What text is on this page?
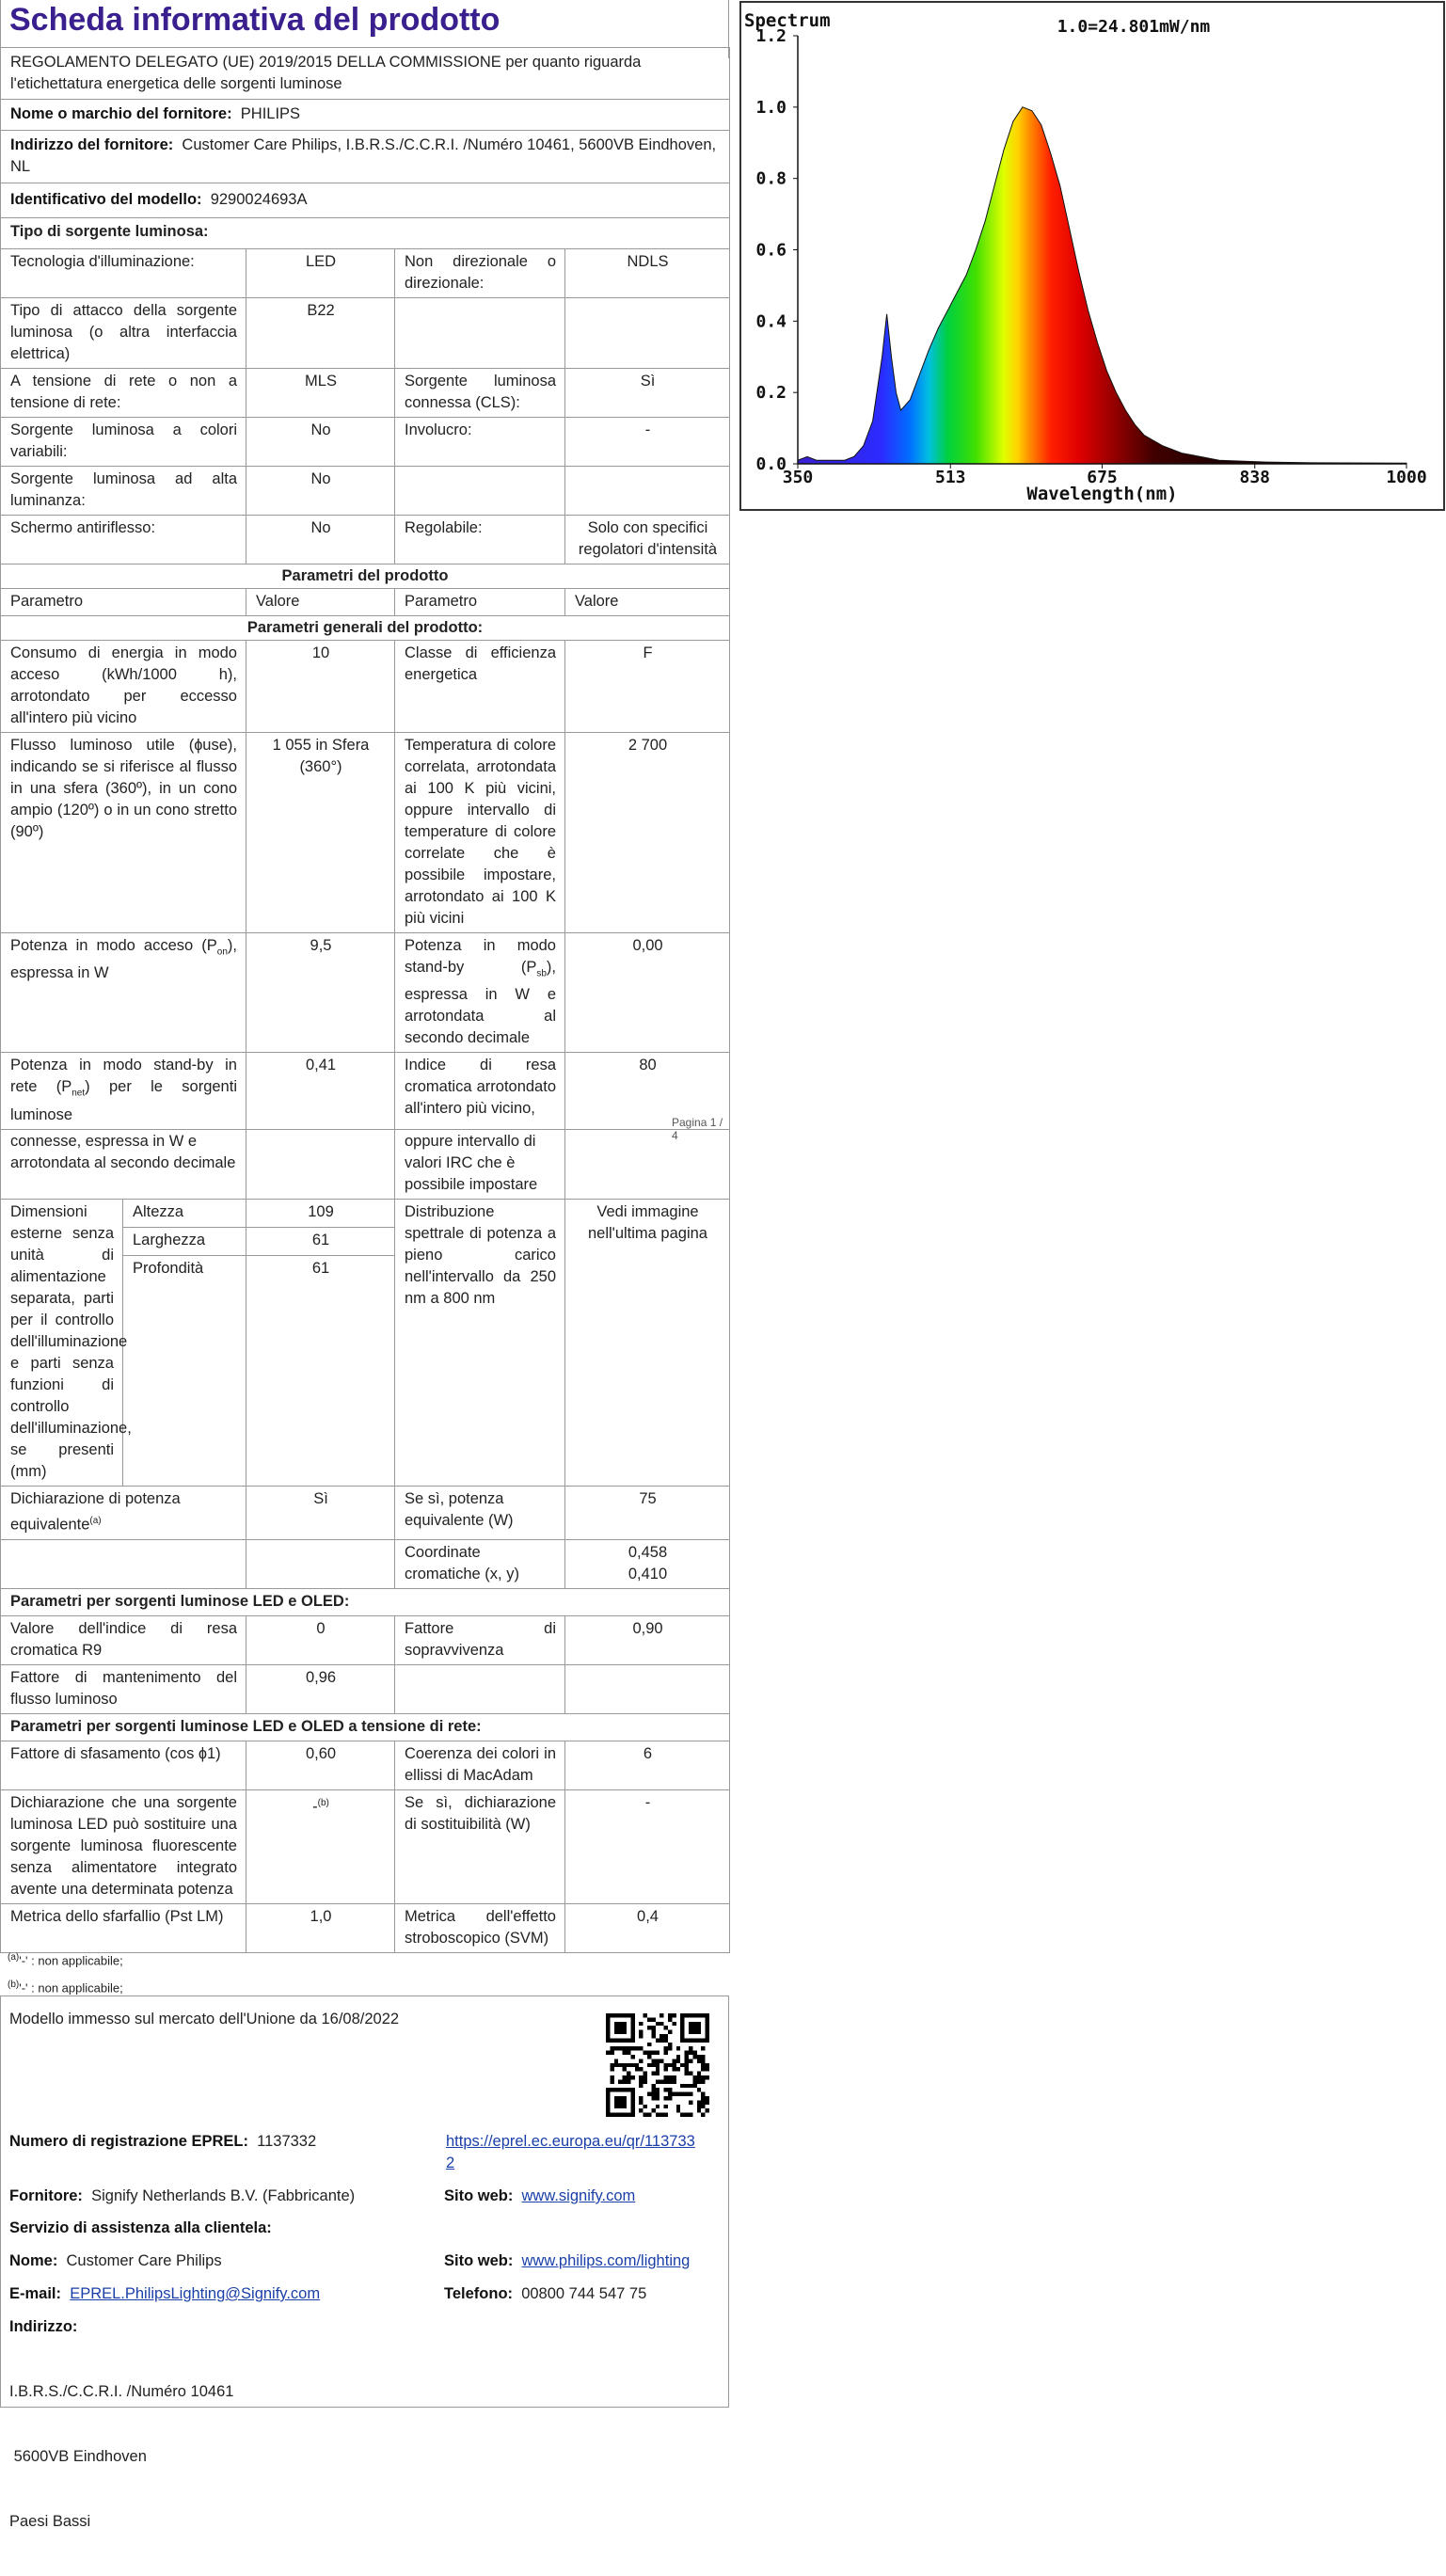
Scheda informativa del prodotto
REGOLAMENTO DELEGATO (UE) 2019/2015 DELLA COMMISSIONE per quanto riguarda l'etichettatura energetica delle sorgenti luminose			
Nome o marchio del fornitore: PHILIPS			
Indirizzo del fornitore: Customer Care Philips, I.B.R.S./C.C.R.I. /Numéro 10461, 5600VB Eindhoven, NL			
Identificativo del modello: 9290024693A			
Tipo di sorgente luminosa:			
Tecnologia d'illuminazione:	LED	Non direzionale o direzionale:	NDLS
Tipo di attacco della sorgente luminosa (o altra interfaccia elettrica)	B22		
A tensione di rete o non a tensione di rete:	MLS	Sorgente luminosa connessa (CLS):	Sì
Sorgente luminosa a colori variabili:	No	Involucro:	-
Sorgente luminosa ad alta luminanza:	No		
Schermo antiriflesso:	No	Regolabile:	Solo con specifici regolatori d'intensità
Parametri del prodotto			
Parametro	Valore	Parametro	Valore
Parametri generali del prodotto:			
Consumo di energia in modo acceso (kWh/1000 h), arrotondato per eccesso all'intero più vicino	10	Classe di efficienza energetica	F
Flusso luminoso utile (ɸuse), indicando se si riferisce al flusso in una sfera (360º), in un cono ampio (120º) o in un cono stretto (90º)	1 055 in Sfera (360°)	Temperatura di colore correlata, arrotondata ai 100 K più vicini, oppure intervallo di temperature di colore correlate che è possibile impostare, arrotondato ai 100 K più vicini	2 700
Potenza in modo acceso $(P_{on})$, espressa in W	9,5	Potenza in modo stand-by $(P_{sb})$, espressa in W e arrotondata al secondo decimale	0,00
Potenza in modo stand-by in rete $(P_{net})$ per le sorgenti luminose	0,41	Indice di resa cromatica arrotondato all'intero più vicino,	80
Pagina 1 / 4
connesse, espressa in W e arrotondata al secondo decimale			oppure intervallo di valori IRC che è possibile impostare	
Dimensioni esterne senza unità di alimentazione separata, parti per il controllo dell'illuminazione e parti senza funzioni di controllo dell'illuminazione, se presenti (mm)	Altezza	109	Distribuzione spettrale di potenza a pieno carico nell'intervallo da 250 nm a 800 nm	Vedi immagine nell'ultima pagina
	Larghezza	61		
	Profondità	61		
Dichiarazione di potenza equivalente$^{(a)}$		Sì	Se sì, potenza equivalente (W)	75
			Coordinate cromatiche (x, y)	0,458
0,410
Parametri per sorgenti luminose LED e OLED:				
Valore dell'indice di resa cromatica R9		0	Fattore di sopravvivenza	0,90
Fattore di mantenimento del flusso luminoso		0,96		
Parametri per sorgenti luminose LED e OLED a tensione di rete:				
Fattore di sfasamento (cos ɸ1)		0,60	Coerenza dei colori in ellissi di MacAdam	6
Dichiarazione che una sorgente luminosa LED può sostituire una sorgente luminosa fluorescente senza alimentatore integrato avente una determinata potenza		-$^{(b)}$	Se sì, dichiarazione di sostituibilità (W)	-
Metrica dello sfarfallio (Pst LM)		1,0	Metrica dell'effetto stroboscopico (SVM)	0,4
$^{(a)}$'-' : non applicabile;
$^{(b)}$'-' : non applicabile;
Modello immesso sul mercato dell'Unione da 16/08/2022
Numero di registrazione EPREL: 1137332	https://eprel.ec.europa.eu/qr/1137332
Fornitore: Signify Netherlands B.V. (Fabbricante)	Sito web: www.signify.com
Servizio di assistenza alla clientela:
Nome: Customer Care Philips	Sito web: www.philips.com/lighting
E-mail: EPREL.PhilipsLighting@Signify.com	Telefono: 00800 744 547 75
Indirizzo:

I.B.R.S./C.C.R.I. /Numéro 10461

5600VB Eindhoven

Paesi Bassi

0.0
0.2
0.4
0.6
0.8
1.0
1.2
350	513	675	838	1000
Spectrum	1.0=24.801mW/nm
Wavelength(nm)
